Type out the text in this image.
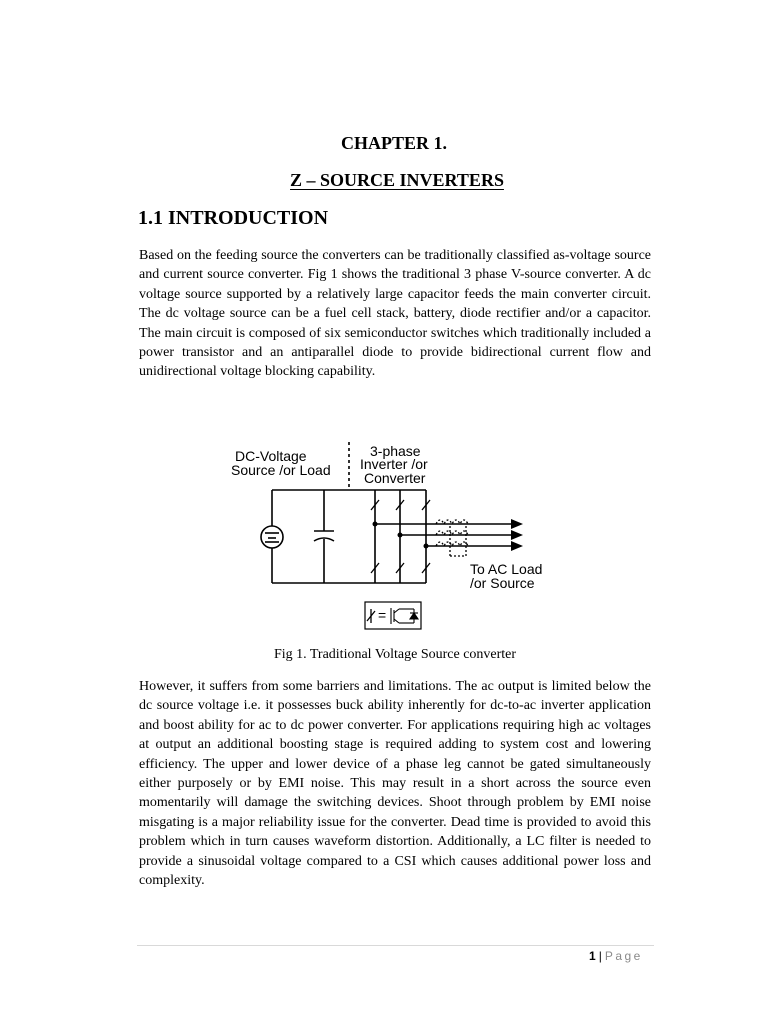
CHAPTER 1.
Z – SOURCE INVERTERS
1.1 INTRODUCTION

Based on the feeding source the converters can be traditionally classified as-voltage source and current source converter. Fig 1 shows the traditional 3 phase V-source converter. A dc voltage source supported by a relatively large capacitor feeds the main converter circuit. The dc voltage source can be a fuel cell stack, battery, diode rectifier and/or a capacitor. The main circuit is composed of six semiconductor switches which traditionally included a power transistor and an antiparallel diode to provide bidirectional current flow and unidirectional voltage blocking capability.

DC-Voltage
Source /or Load
3-phase
Inverter /or
Converter
To AC Load
/or Source
=
Fig 1. Traditional Voltage Source converter

However, it suffers from some barriers and limitations. The ac output is limited below the dc source voltage i.e. it possesses buck ability inherently for dc-to-ac inverter application and boost ability for ac to dc power converter. For applications requiring high ac voltages at output an additional boosting stage is required adding to system cost and lowering efficiency. The upper and lower device of a phase leg cannot be gated simultaneously either purposely or by EMI noise. This may result in a short across the source even momentarily will damage the switching devices. Shoot through problem by EMI noise misgating is a major reliability issue for the converter. Dead time is provided to avoid this problem which in turn causes waveform distortion. Additionally, a LC filter is needed to provide a sinusoidal voltage compared to a CSI which causes additional power loss and complexity.

1 | Page
